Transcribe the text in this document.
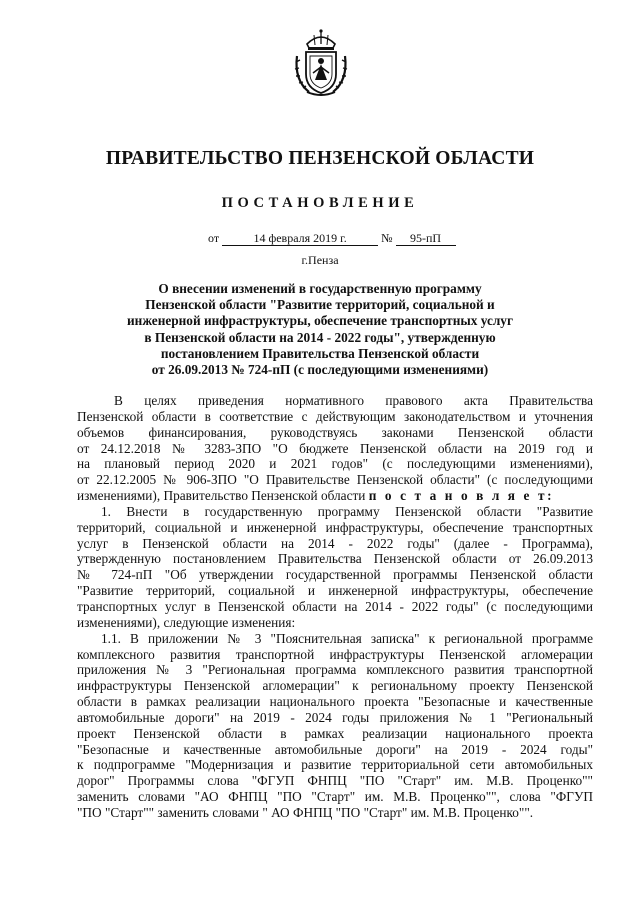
ПРАВИТЕЛЬСТВО ПЕНЗЕНСКОЙ ОБЛАСТИ
ПОСТАНОВЛЕНИЕ
от	14 февраля 2019 г.	№ 95-пП
г.Пенза
О внесении изменений в государственную программу
Пензенской области "Развитие территорий, социальной и
инженерной инфраструктуры, обеспечение транспортных услуг
в Пензенской области на 2014 - 2022 годы", утвержденную
постановлением Правительства Пензенской области
от 26.09.2013 № 724-пП (с последующими изменениями)
В целях приведения нормативного правового акта Правительства
Пензенской области в соответствие с действующим законодательством и уточнения
объемов финансирования, руководствуясь законами Пензенской области
от 24.12.2018 № 3283-ЗПО "О бюджете Пензенской области на 2019 год и
на плановый период 2020 и 2021 годов" (с последующими изменениями),
от 22.12.2005 № 906-ЗПО "О Правительстве Пензенской области" (с последующими
изменениями), Правительство Пензенской области п о с т а н о в л я е т:
1. Внести в государственную программу Пензенской области "Развитие
территорий, социальной и инженерной инфраструктуры, обеспечение транспортных
услуг в Пензенской области на 2014 - 2022 годы" (далее - Программа),
утвержденную постановлением Правительства Пензенской области от 26.09.2013
№ 724-пП "Об утверждении государственной программы Пензенской области
"Развитие территорий, социальной и инженерной инфраструктуры, обеспечение
транспортных услуг в Пензенской области на 2014 - 2022 годы" (с последующими
изменениями), следующие изменения:
1.1. В приложении № 3 "Пояснительная записка" к региональной программе
комплексного развития транспортной инфраструктуры Пензенской агломерации
приложения № 3 "Региональная программа комплексного развития транспортной
инфраструктуры Пензенской агломерации" к региональному проекту Пензенской
области в рамках реализации национального проекта "Безопасные и качественные
автомобильные дороги" на 2019 - 2024 годы приложения № 1 "Региональный
проект Пензенской области в рамках реализации национального проекта
"Безопасные и качественные автомобильные дороги" на 2019 - 2024 годы"
к подпрограмме "Модернизация и развитие территориальной сети автомобильных
дорог" Программы слова "ФГУП ФНПЦ "ПО "Старт" им. М.В. Проценко""
заменить словами "АО ФНПЦ "ПО "Старт" им. М.В. Проценко"", слова "ФГУП
"ПО "Старт"" заменить словами " АО ФНПЦ "ПО "Старт" им. М.В. Проценко"".
